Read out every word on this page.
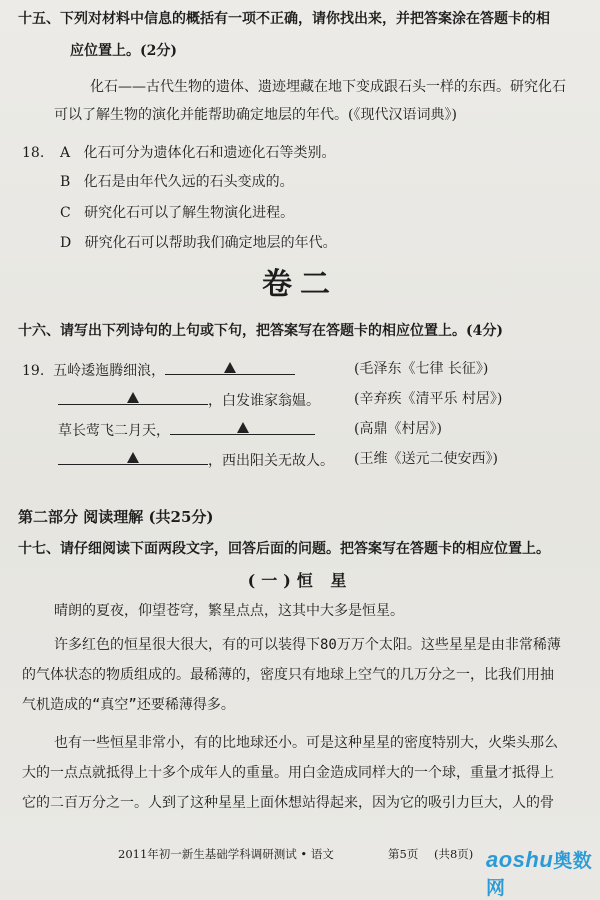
十五、下列对材料中信息的概括有一项不正确，请你找出来，并把答案涂在答题卡的相
应位置上。(2分)
化石——古代生物的遗体、遗迹埋藏在地下变成跟石头一样的东西。研究化石
可以了解生物的演化并能帮助确定地层的年代。(《现代汉语词典》)
18. A 化石可分为遗体化石和遗迹化石等类别。
B 化石是由年代久远的石头变成的。
C 研究化石可以了解生物演化进程。
D 研究化石可以帮助我们确定地层的年代。
卷二
十六、请写出下列诗句的上句或下句，把答案写在答题卡的相应位置上。(4分)
19. 五岭逶迤腾细浪，	(毛泽东《七律 长征》)
，白发谁家翁媪。 (辛弃疾《清平乐 村居》)
草长莺飞二月天，	(高鼎《村居》)
，西出阳关无故人。 (王维《送元二使安西》)
第二部分 阅读理解 (共25分)
十七、请仔细阅读下面两段文字，回答后面的问题。把答案写在答题卡的相应位置上。
(一)恒 星
晴朗的夏夜，仰望苍穹，繁星点点，这其中大多是恒星。
许多红色的恒星很大很大，有的可以装得下80万万个太阳。这些星星是由非常稀薄
的气体状态的物质组成的。最稀薄的，密度只有地球上空气的几万分之一，比我们用抽
气机造成的“真空”还要稀薄得多。
也有一些恒星非常小，有的比地球还小。可是这种星星的密度特别大，火柴头那么
大的一点点就抵得上十多个成年人的重量。用白金造成同样大的一个球，重量才抵得上
它的二百万分之一。人到了这种星星上面休想站得起来，因为它的吸引力巨大，人的骨
2011年初一新生基础学科调研测试 • 语文	第5页 (共8页) aoshu奥数网
